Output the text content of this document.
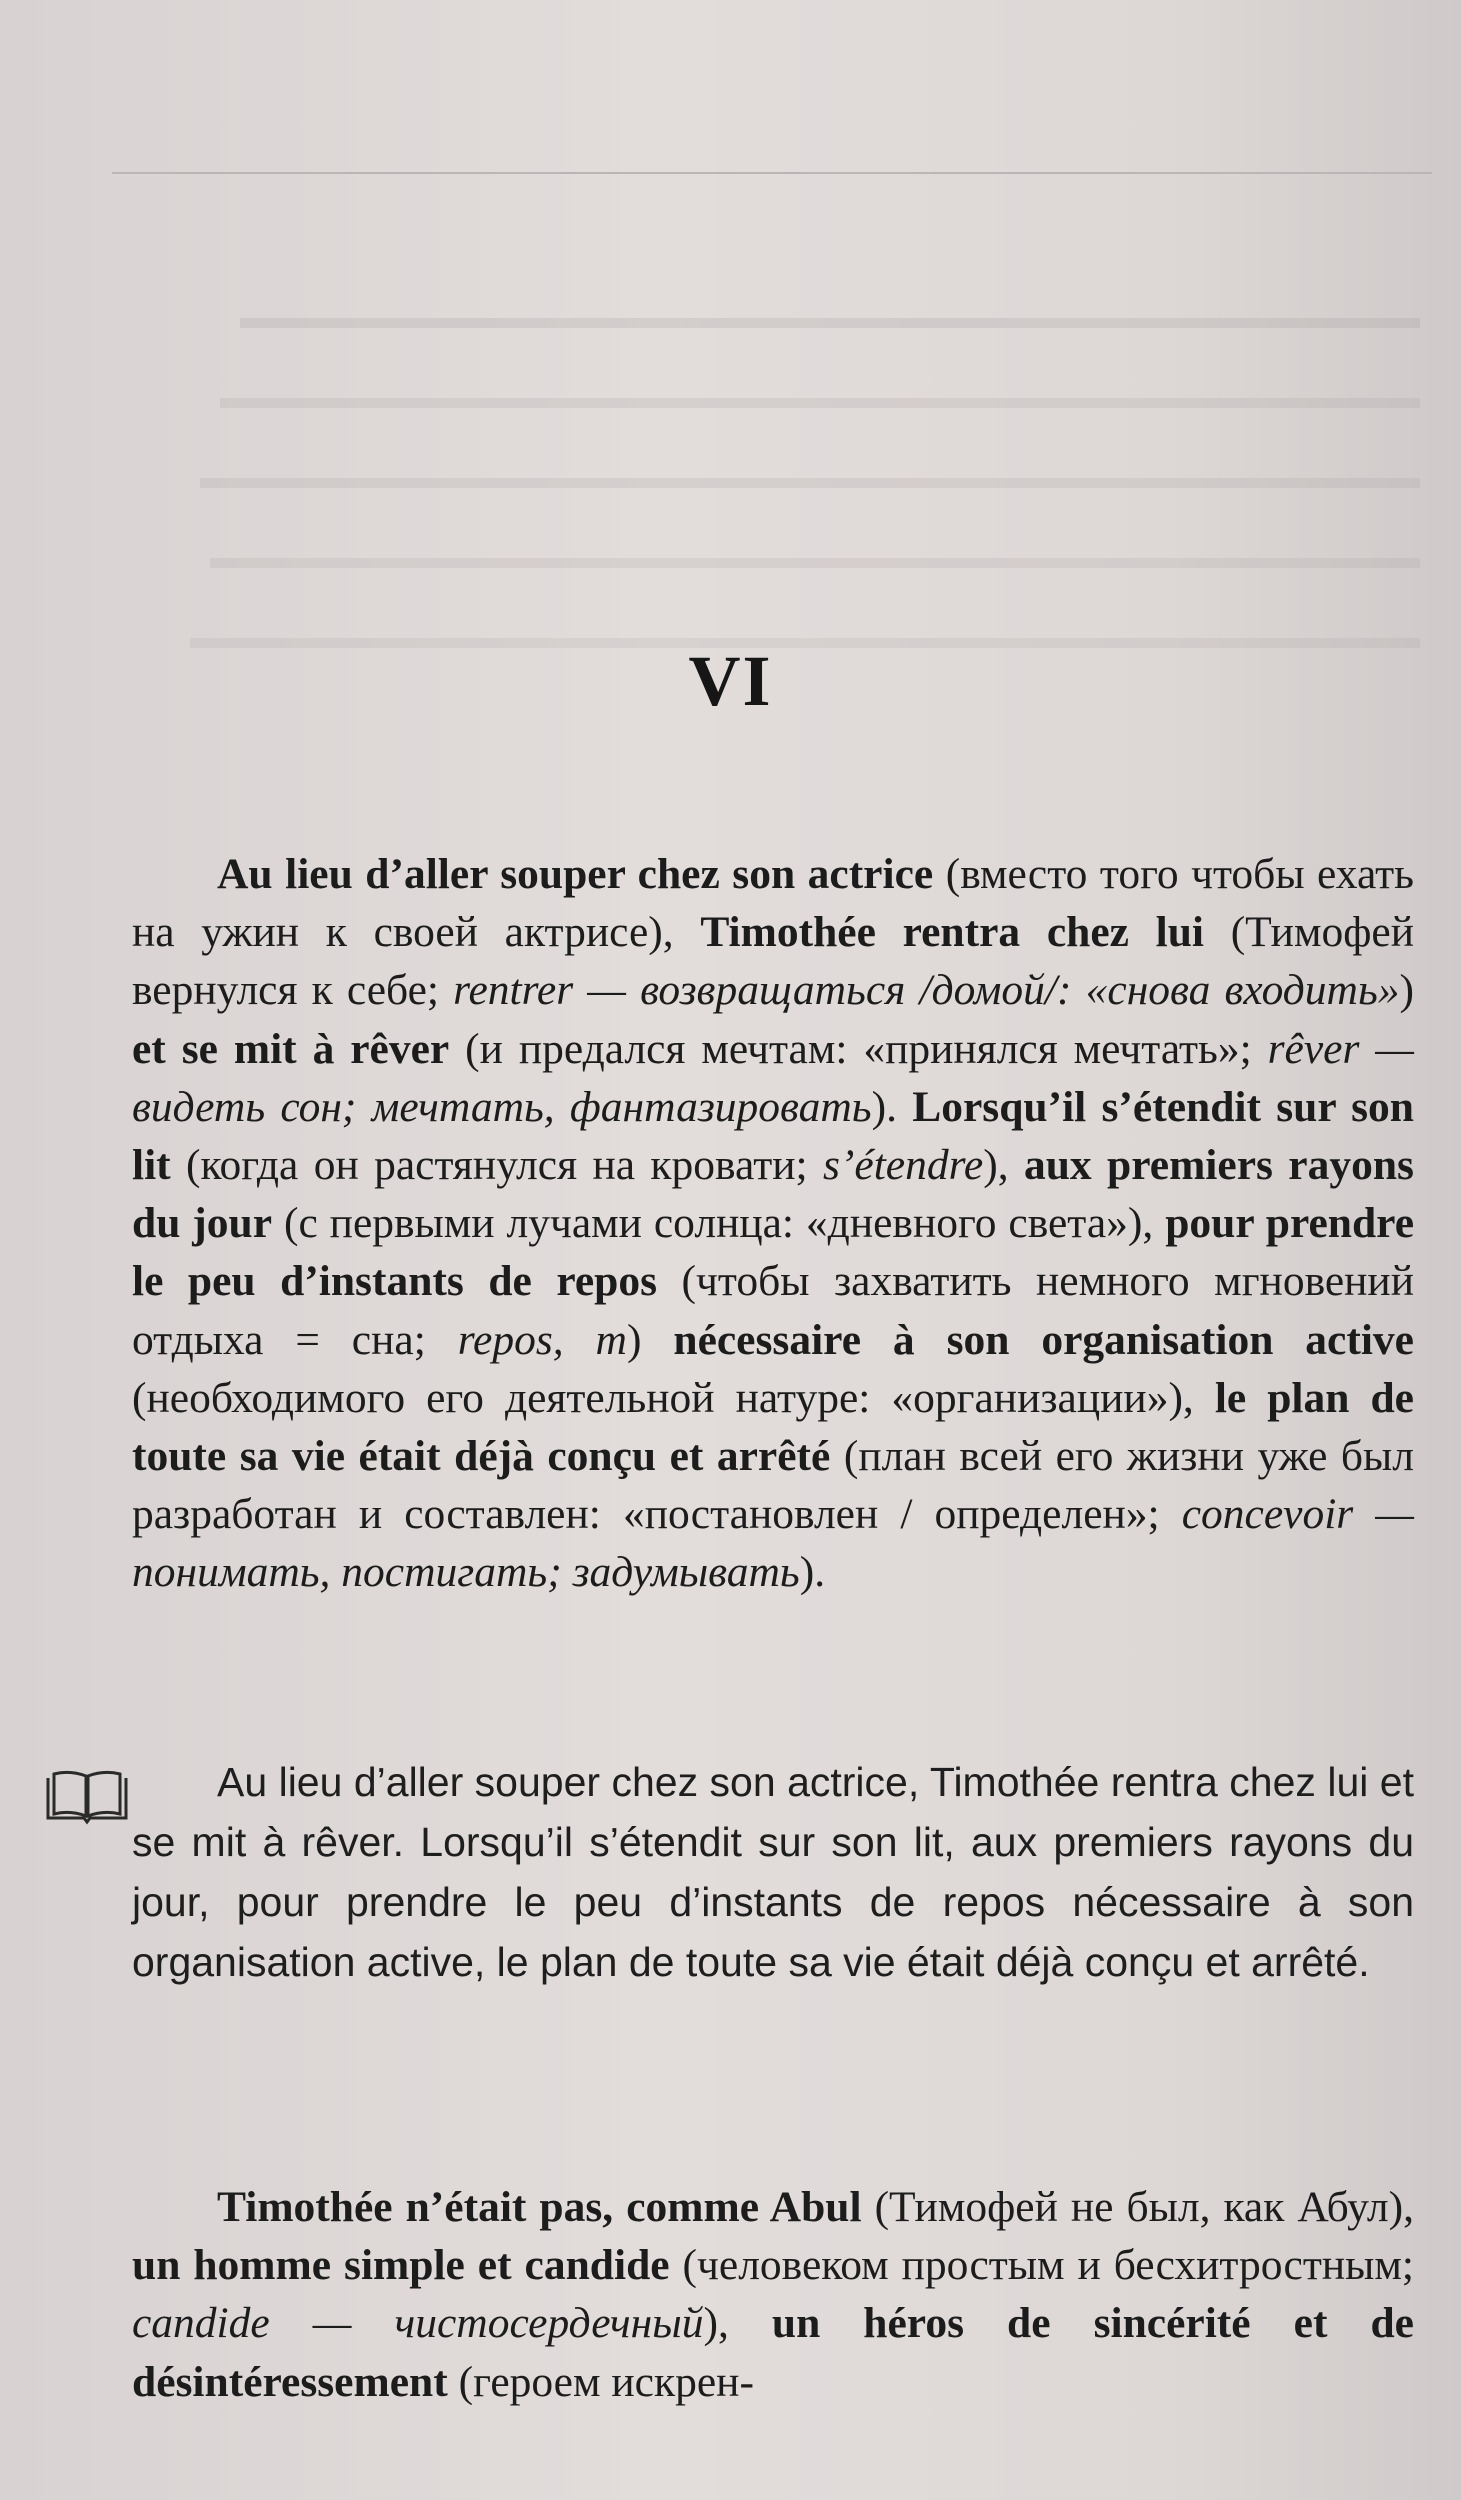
VI
Au lieu d’aller souper chez son actrice (вместо того чтобы ехать на ужин к своей актрисе), Timothée rentra chez lui (Тимофей вернулся к себе; rentrer — возвращаться /домой/: «снова входить») et se mit à rêver (и предался мечтам: «принялся мечтать»; rêver — видеть сон; мечтать, фантазировать). Lorsqu’il s’étendit sur son lit (когда он растянулся на кровати; s’étendre), aux premiers rayons du jour (с первыми лучами солнца: «дневного света»), pour prendre le peu d’instants de repos (чтобы захватить немного мгновений отдыха = сна; repos, m) nécessaire à son organisation active (необходимого его деятельной натуре: «организации»), le plan de toute sa vie était déjà conçu et arrêté (план всей его жизни уже был разработан и составлен: «постановлен / определен»; concevoir — понимать, постигать; задумывать).
Au lieu d’aller souper chez son actrice, Timothée rentra chez lui et se mit à rêver. Lorsqu’il s’étendit sur son lit, aux premiers rayons du jour, pour prendre le peu d’instants de repos nécessaire à son organisation active, le plan de toute sa vie était déjà conçu et arrêté.
Timothée n’était pas, comme Abul (Тимофей не был, как Абул), un homme simple et candide (человеком простым и бесхитростным; candide — чистосердечный), un héros de sincérité et de désintéressement (героем искрен-
